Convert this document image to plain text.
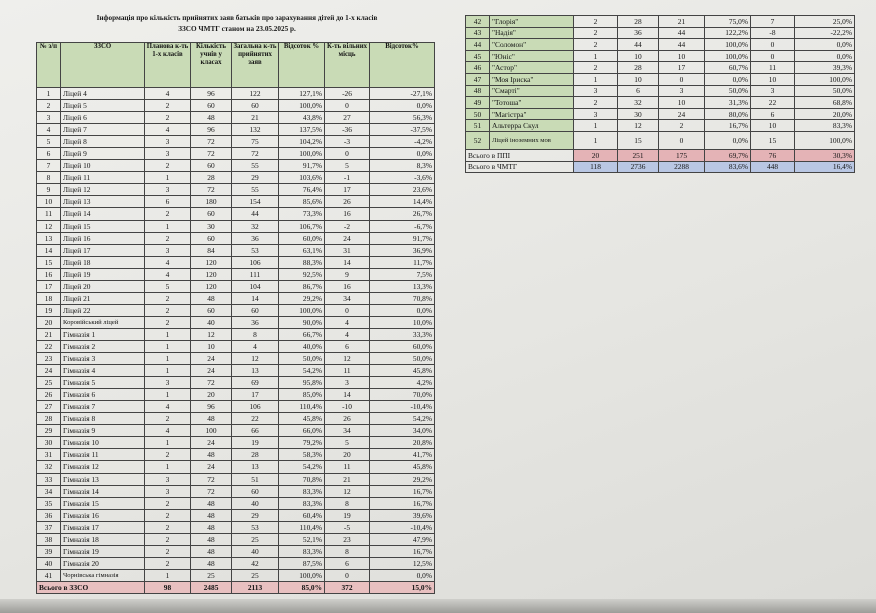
Інформація про кількість прийнятих заяв батьків про зарахування дітей до 1-х класів
ЗЗСО ЧМТГ станом на 23.05.2025 р.
№ з/п	ЗЗСО	Планова к-ть 1-х класів	Кількість учнів у класах	Загальна к-ть прийнятих заяв	Відсоток %	К-ть вільних місць	Відсоток%
1	Ліцей 4	4	96	122	127,1%	-26	-27,1%
2	Ліцей 5	2	60	60	100,0%	0	0,0%
3	Ліцей 6	2	48	21	43,8%	27	56,3%
4	Ліцей 7	4	96	132	137,5%	-36	-37,5%
5	Ліцей 8	3	72	75	104,2%	-3	-4,2%
6	Ліцей 9	3	72	72	100,0%	0	0,0%
7	Ліцей 10	2	60	55	91,7%	5	8,3%
8	Ліцей 11	1	28	29	103,6%	-1	-3,6%
9	Ліцей 12	3	72	55	76,4%	17	23,6%
10	Ліцей 13	6	180	154	85,6%	26	14,4%
11	Ліцей 14	2	60	44	73,3%	16	26,7%
12	Ліцей 15	1	30	32	106,7%	-2	-6,7%
13	Ліцей 16	2	60	36	60,0%	24	91,7%
14	Ліцей 17	3	84	53	63,1%	31	36,9%
15	Ліцей 18	4	120	106	88,3%	14	11,7%
16	Ліцей 19	4	120	111	92,5%	9	7,5%
17	Ліцей 20	5	120	104	86,7%	16	13,3%
18	Ліцей 21	2	48	14	29,2%	34	70,8%
19	Ліцей 22	2	60	60	100,0%	0	0,0%
20	Коровійський ліцей	2	40	36	90,0%	4	10,0%
21	Гімназія 1	1	12	8	66,7%	4	33,3%
22	Гімназія 2	1	10	4	40,0%	6	60,0%
23	Гімназія 3	1	24	12	50,0%	12	50,0%
24	Гімназія 4	1	24	13	54,2%	11	45,8%
25	Гімназія 5	3	72	69	95,8%	3	4,2%
26	Гімназія 6	1	20	17	85,0%	14	70,0%
27	Гімназія 7	4	96	106	110,4%	-10	-10,4%
28	Гімназія 8	2	48	22	45,8%	26	54,2%
29	Гімназія 9	4	100	66	66,0%	34	34,0%
30	Гімназія 10	1	24	19	79,2%	5	20,8%
31	Гімназія 11	2	48	28	58,3%	20	41,7%
32	Гімназія 12	1	24	13	54,2%	11	45,8%
33	Гімназія 13	3	72	51	70,8%	21	29,2%
34	Гімназія 14	3	72	60	83,3%	12	16,7%
35	Гімназія 15	2	48	40	83,3%	8	16,7%
36	Гімназія 16	2	48	29	60,4%	19	39,6%
37	Гімназія 17	2	48	53	110,4%	-5	-10,4%
38	Гімназія 18	2	48	25	52,1%	23	47,9%
39	Гімназія 19	2	48	40	83,3%	8	16,7%
40	Гімназія 20	2	48	42	87,5%	6	12,5%
41	Чорнівська гімназія	1	25	25	100,0%	0	0,0%
Всього в ЗЗСО		98	2485	2113	85,0%	372	15,0%
42	"Глорія"	2	28	21	75,0%	7	25,0%
43	"Надія"	2	36	44	122,2%	-8	-22,2%
44	"Соломон"	2	44	44	100,0%	0	0,0%
45	"Юніс"	1	10	10	100,0%	0	0,0%
46	"Астор"	2	28	17	60,7%	11	39,3%
47	"Моя Іриска"	1	10	0	0,0%	10	100,0%
48	"Смарті"	3	6	3	50,0%	3	50,0%
49	"Тотоша"	2	32	10	31,3%	22	68,8%
50	"Магістра"	3	30	24	80,0%	6	20,0%
51	Альтерра Скул	1	12	2	16,7%	10	83,3%
52	Ліцей іноземних мов	1	15	0	0,0%	15	100,0%
Всього в ППІ		20	251	175	69,7%	76	30,3%
Всього в ЧМТГ		118	2736	2288	83,6%	448	16,4%
